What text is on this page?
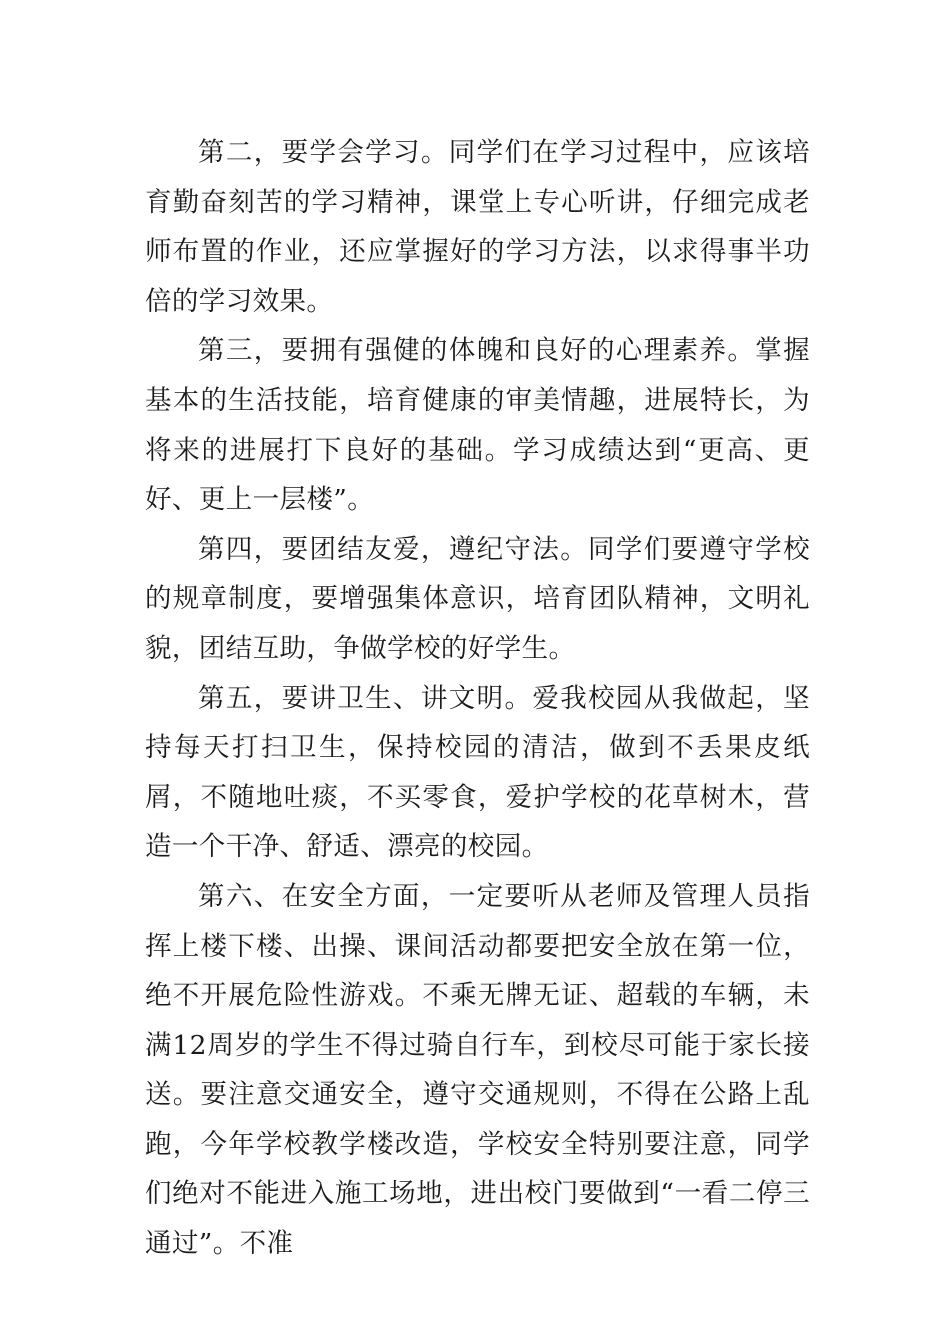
第二，要学会学习。同学们在学习过程中，应该培育勤奋刻苦的学习精神，课堂上专心听讲，仔细完成老师布置的作业，还应掌握好的学习方法，以求得事半功倍的学习效果。

第三，要拥有强健的体魄和良好的心理素养。掌握基本的生活技能，培育健康的审美情趣，进展特长，为将来的进展打下良好的基础。学习成绩达到“更高、更好、更上一层楼”。

第四，要团结友爱，遵纪守法。同学们要遵守学校的规章制度，要增强集体意识，培育团队精神，文明礼貌，团结互助，争做学校的好学生。

第五，要讲卫生、讲文明。爱我校园从我做起，坚持每天打扫卫生，保持校园的清洁，做到不丢果皮纸屑，不随地吐痰，不买零食，爱护学校的花草树木，营造一个干净、舒适、漂亮的校园。

第六、在安全方面，一定要听从老师及管理人员指挥上楼下楼、出操、课间活动都要把安全放在第一位，绝不开展危险性游戏。不乘无牌无证、超载的车辆，未满12周岁的学生不得过骑自行车，到校尽可能于家长接送。要注意交通安全，遵守交通规则，不得在公路上乱跑，今年学校教学楼改造，学校安全特别要注意，同学们绝对不能进入施工场地，进出校门要做到“一看二停三通过”。不准
